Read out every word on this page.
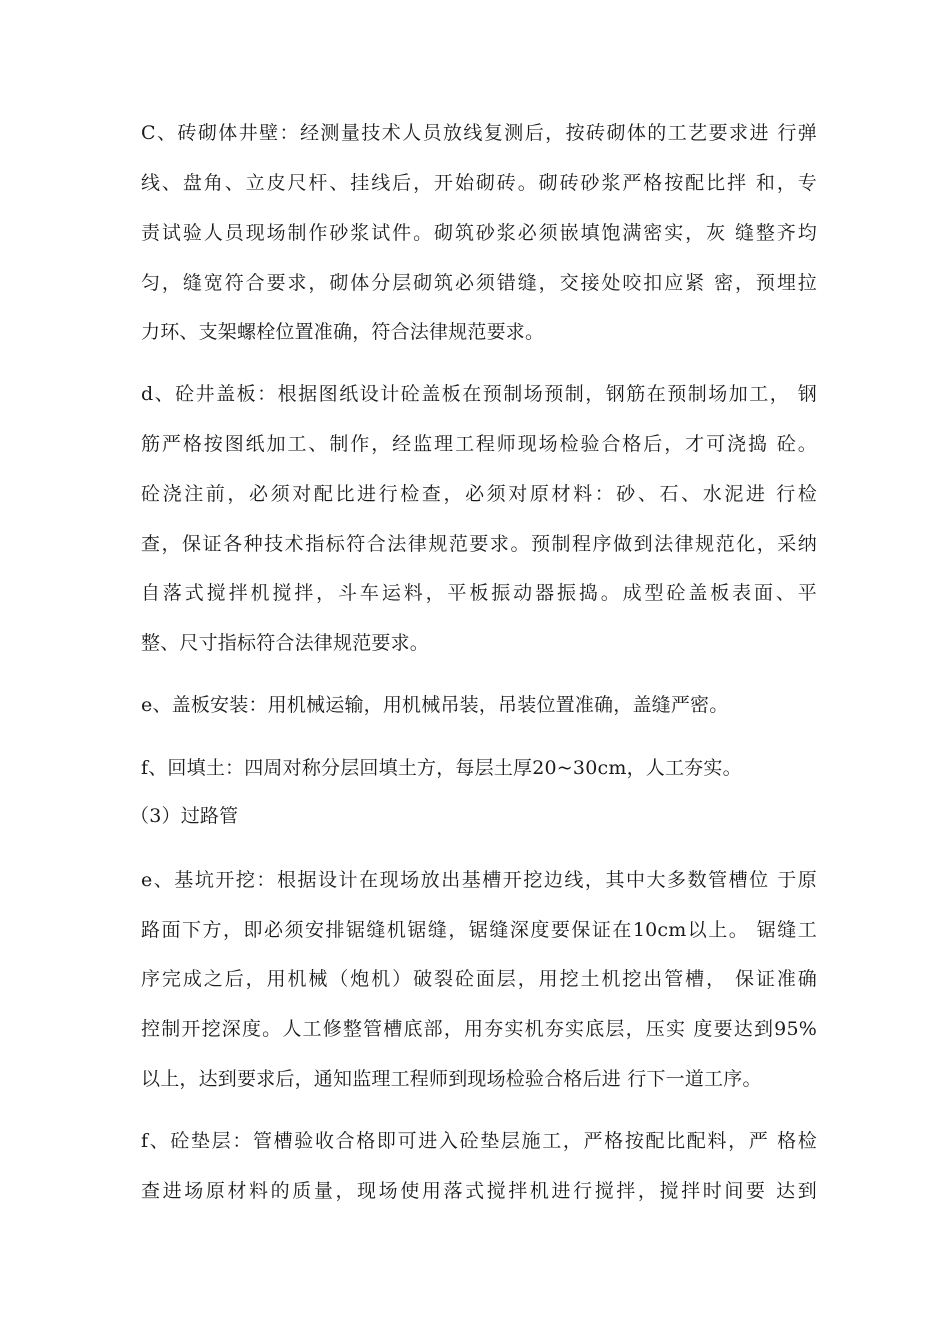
C、砖砌体井壁：经测量技术人员放线复测后，按砖砌体的工艺要求进 行弹
线、盘角、立皮尺杆、挂线后，开始砌砖。砌砖砂浆严格按配比拌 和，专
责试验人员现场制作砂浆试件。砌筑砂浆必须嵌填饱满密实，灰 缝整齐均
匀，缝宽符合要求，砌体分层砌筑必须错缝，交接处咬扣应紧 密，预埋拉
力环、支架螺栓位置准确，符合法律规范要求。
d、砼井盖板：根据图纸设计砼盖板在预制场预制，钢筋在预制场加工， 钢
筋严格按图纸加工、制作，经监理工程师现场检验合格后，才可浇捣 砼。
砼浇注前，必须对配比进行检查，必须对原材料：砂、石、水泥进 行检
查，保证各种技术指标符合法律规范要求。预制程序做到法律规范化，采纳
自落式搅拌机搅拌，斗车运料，平板振动器振捣。成型砼盖板表面、平
整、尺寸指标符合法律规范要求。
e、盖板安装：用机械运输，用机械吊装，吊装位置准确，盖缝严密。
f、回填土：四周对称分层回填土方，每层土厚20~30cm，人工夯实。
（3）过路管
e、基坑开挖：根据设计在现场放出基槽开挖边线，其中大多数管槽位 于原
路面下方，即必须安排锯缝机锯缝，锯缝深度要保证在10cm以上。 锯缝工
序完成之后，用机械（炮机）破裂砼面层，用挖土机挖出管槽， 保证准确
控制开挖深度。人工修整管槽底部，用夯实机夯实底层，压实 度要达到95%
以上，达到要求后，通知监理工程师到现场检验合格后进 行下一道工序。
f、砼垫层：管槽验收合格即可进入砼垫层施工，严格按配比配料，严 格检
查进场原材料的质量，现场使用落式搅拌机进行搅拌，搅拌时间要 达到
